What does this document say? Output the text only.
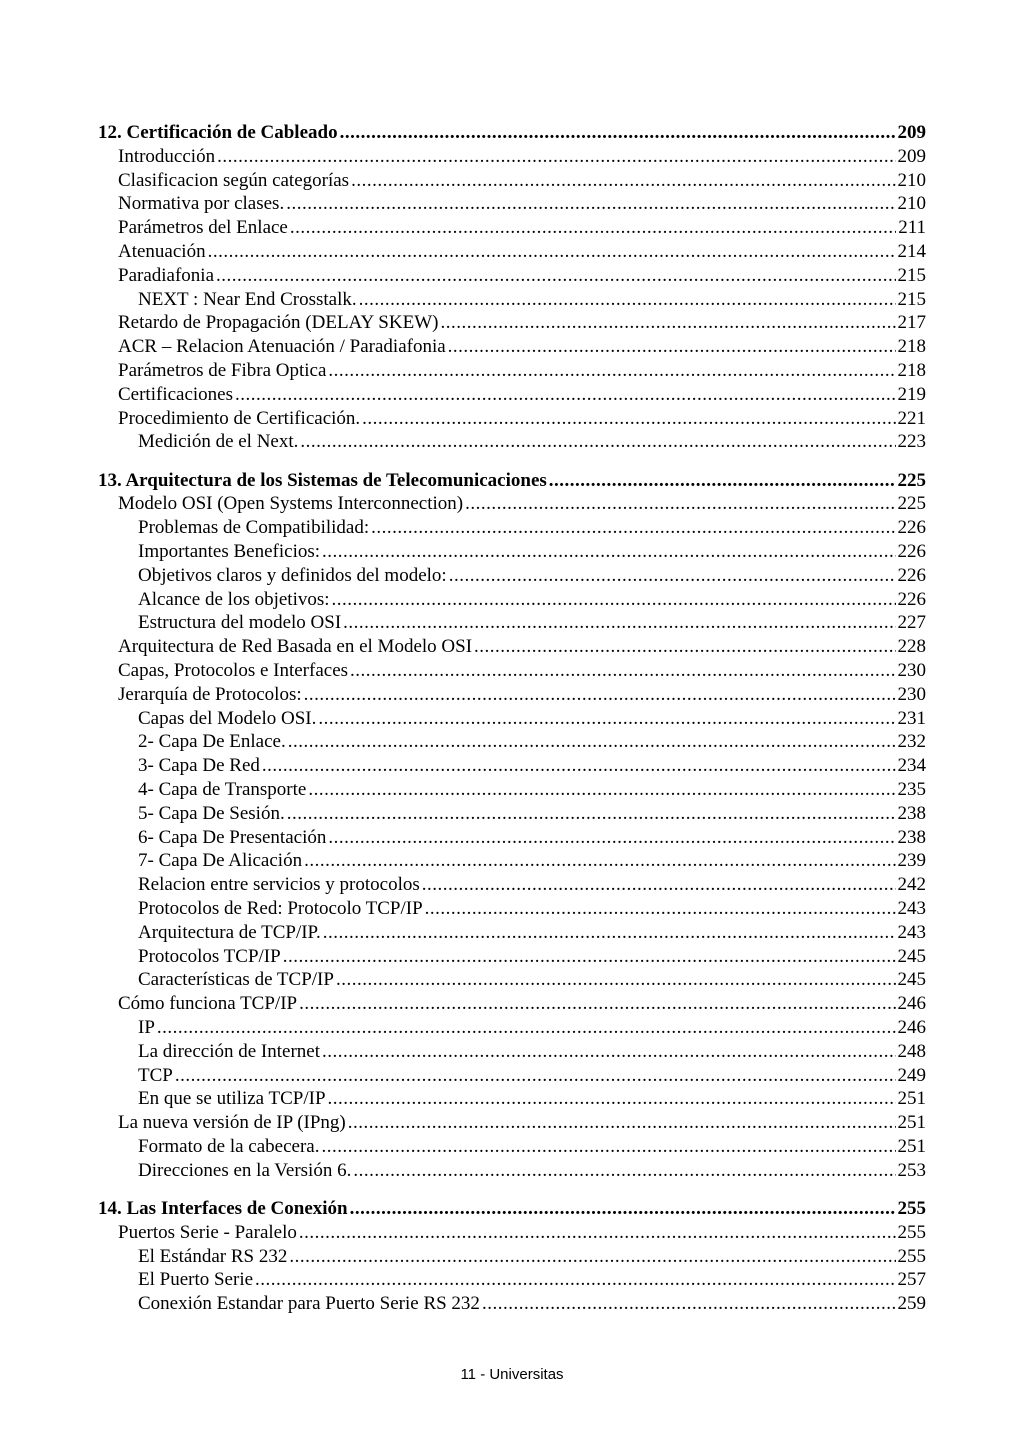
12. Certificación de Cableado .....	209
Introducción .....	209
Clasificacion según categorías .....	210
Normativa por clases. .....	210
Parámetros del Enlace .....	211
Atenuación .....	214
Paradiafonia .....	215
NEXT : Near End Crosstalk. .....	215
Retardo de Propagación (DELAY SKEW) .....	217
ACR – Relacion Atenuación / Paradiafonia .....	218
Parámetros de Fibra Optica .....	218
Certificaciones .....	219
Procedimiento de Certificación. .....	221
Medición de el Next. .....	223
13. Arquitectura de los Sistemas de Telecomunicaciones .....	225
Modelo OSI (Open Systems Interconnection) .....	225
Problemas de Compatibilidad: .....	226
Importantes Beneficios: .....	226
Objetivos claros y definidos del modelo: .....	226
Alcance de los objetivos: .....	226
Estructura del modelo OSI .....	227
Arquitectura de Red Basada en el Modelo OSI .....	228
Capas, Protocolos e Interfaces .....	230
Jerarquía de Protocolos: .....	230
Capas del Modelo OSI. .....	231
2- Capa De Enlace. .....	232
3- Capa De Red .....	234
4- Capa de Transporte .....	235
5- Capa De Sesión. .....	238
6- Capa De Presentación .....	238
7- Capa De Alicación .....	239
Relacion entre servicios y protocolos .....	242
Protocolos de Red: Protocolo TCP/IP .....	243
Arquitectura de TCP/IP. .....	243
Protocolos TCP/IP .....	245
Características de TCP/IP .....	245
Cómo funciona TCP/IP .....	246
IP .....	246
La dirección de Internet .....	248
TCP .....	249
En que se utiliza TCP/IP .....	251
La nueva versión de IP (IPng) .....	251
Formato de la cabecera. .....	251
Direcciones en la Versión 6. .....	253
14. Las Interfaces de Conexión .....	255
Puertos Serie - Paralelo .....	255
El Estándar RS 232 .....	255
El Puerto Serie .....	257
Conexión Estandar para Puerto Serie RS 232 .....	259
11 - Universitas
